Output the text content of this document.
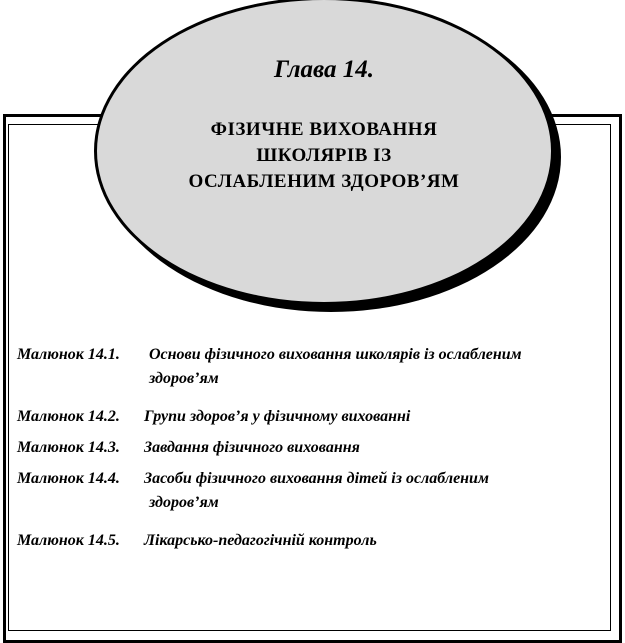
Глава 14.
ФІЗИЧНЕ ВИХОВАННЯ
ШКОЛЯРІВ ІЗ
ОСЛАБЛЕНИМ ЗДОРОВ’ЯМ
Малюнок 14.1. Основи фізичного виховання школярів із ослабленим
здоров’ям
Малюнок 14.2. Групи здоров’я у фізичному вихованні
Малюнок 14.3. Завдання фізичного виховання
Малюнок 14.4. Засоби фізичного виховання дітей із ослабленим
здоров’ям
Малюнок 14.5. Лікарсько-педагогічній контроль
